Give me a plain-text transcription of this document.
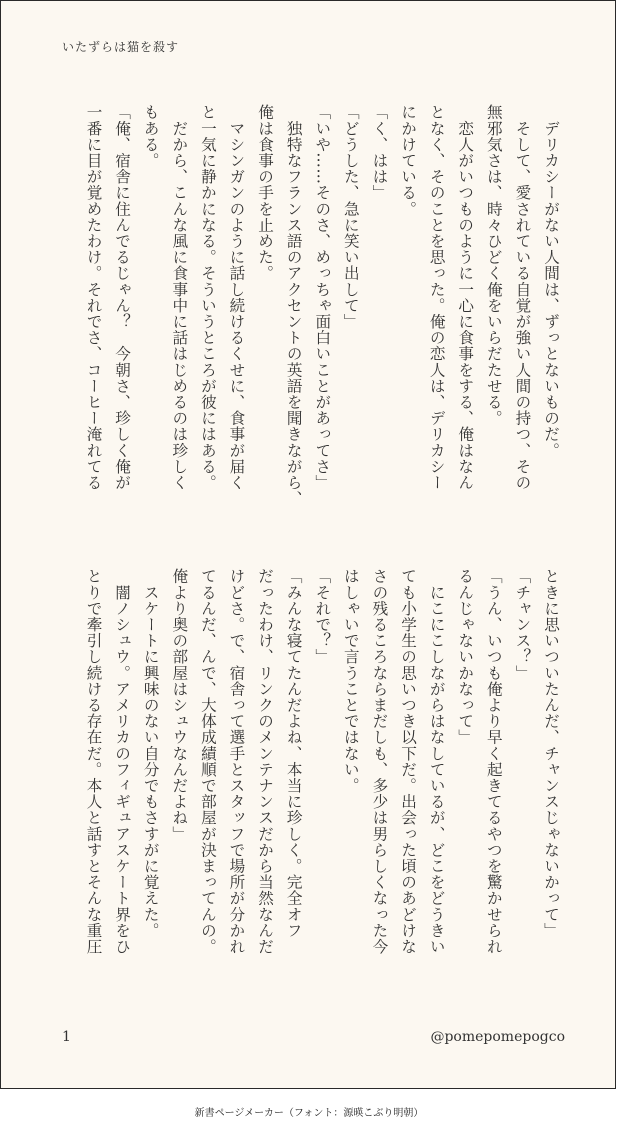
いたずらは猫を殺す

　デリカシーがない人間は、ずっとないものだ。

　そして、愛されている自覚が強い人間の持つ、その

無邪気さは、時々ひどく俺をいらだたせる。

　恋人がいつものように一心に食事をする、俺はなん

となく、そのことを思った。俺の恋人は、デリカシー

にかけている。

「く、はは」

「どうした、急に笑い出して」

「いや……そのさ、めっちゃ面白いことがあってさ」

　独特なフランス語のアクセントの英語を聞きながら、

俺は食事の手を止めた。

　マシンガンのように話し続けるくせに、食事が届く

と一気に静かになる。そういうところが彼にはある。

　だから、こんな風に食事中に話はじめるのは珍しく

もある。

「俺、宿舎に住んでるじゃん？　今朝さ、珍しく俺が

一番に目が覚めたわけ。それでさ、コーヒー淹れてる

ときに思いついたんだ、チャンスじゃないかって」

「チャンス？」

「うん、いつも俺より早く起きてるやつを驚かせられ

るんじゃないかなって」

　にこにこしながらはなしているが、どこをどうきい

ても小学生の思いつき以下だ。出会った頃のあどけな

さの残るころならまだしも、多少は男らしくなった今

はしゃいで言うことではない。

「それで？」

「みんな寝てたんだよね、本当に珍しく。完全オフ

だったわけ、リンクのメンテナンスだから当然なんだ

けどさ。で、宿舎って選手とスタッフで場所が分かれ

てるんだ、んで、大体成績順で部屋が決まってんの。

俺より奥の部屋はシュウなんだよね」

　スケートに興味のない自分でもさすがに覚えた。

　闇ノシュウ。アメリカのフィギュアスケート界をひ

とりで牽引し続ける存在だ。本人と話すとそんな重圧

1	@pomepomepogco
新書ページメーカー（フォント：源暎こぶり明朝）
